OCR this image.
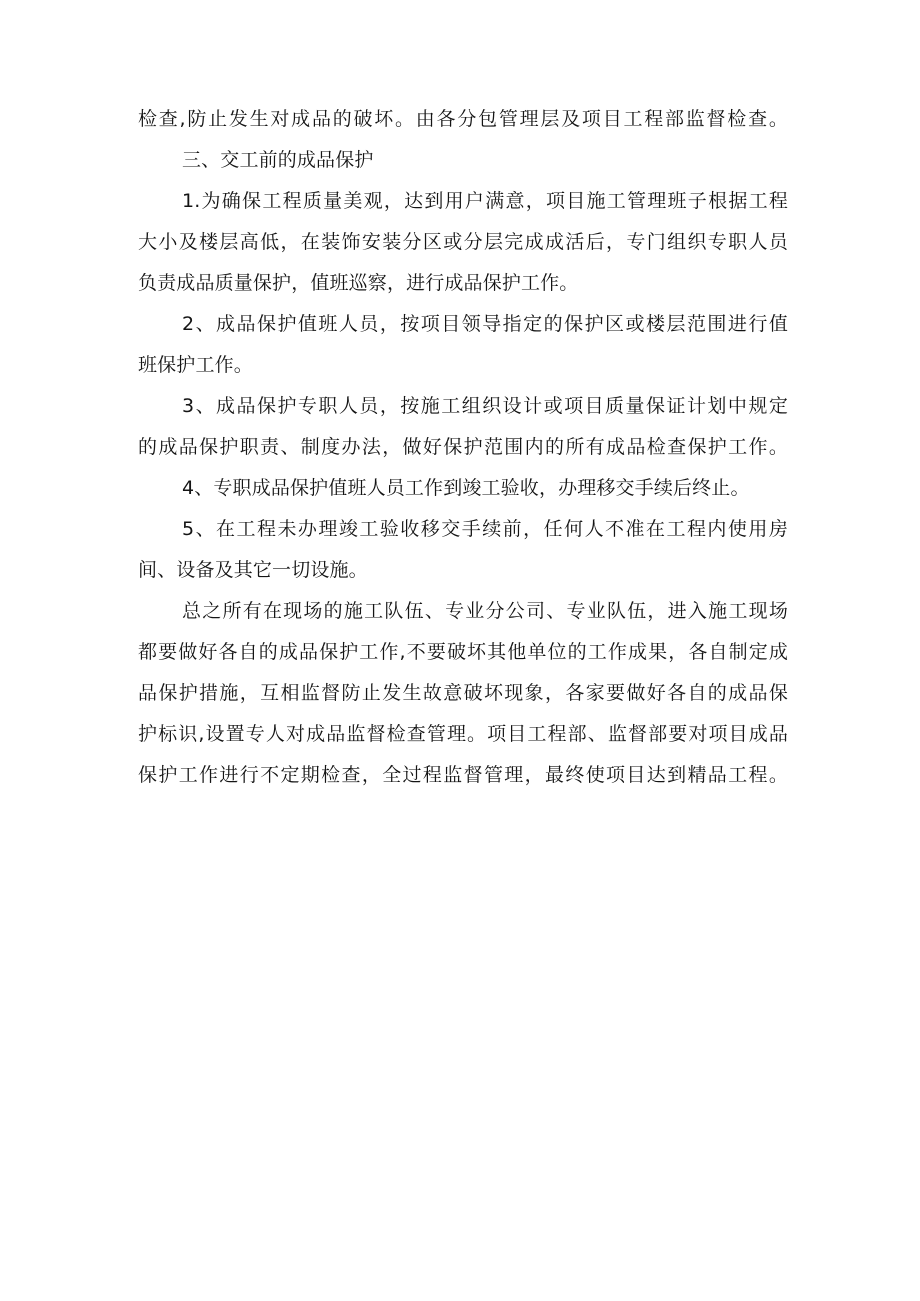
检查,防止发生对成品的破坏。由各分包管理层及项目工程部监督检查。
三、交工前的成品保护
1.为确保工程质量美观，达到用户满意，项目施工管理班子根据工程
大小及楼层高低，在装饰安装分区或分层完成成活后，专门组织专职人员
负责成品质量保护，值班巡察，进行成品保护工作。
2、成品保护值班人员，按项目领导指定的保护区或楼层范围进行值
班保护工作。
3、成品保护专职人员，按施工组织设计或项目质量保证计划中规定
的成品保护职责、制度办法，做好保护范围内的所有成品检查保护工作。
4、专职成品保护值班人员工作到竣工验收，办理移交手续后终止。
5、在工程未办理竣工验收移交手续前，任何人不准在工程内使用房
间、设备及其它一切设施。
总之所有在现场的施工队伍、专业分公司、专业队伍，进入施工现场
都要做好各自的成品保护工作,不要破坏其他单位的工作成果，各自制定成
品保护措施，互相监督防止发生故意破坏现象，各家要做好各自的成品保
护标识,设置专人对成品监督检查管理。项目工程部、监督部要对项目成品
保护工作进行不定期检查，全过程监督管理，最终使项目达到精品工程。
